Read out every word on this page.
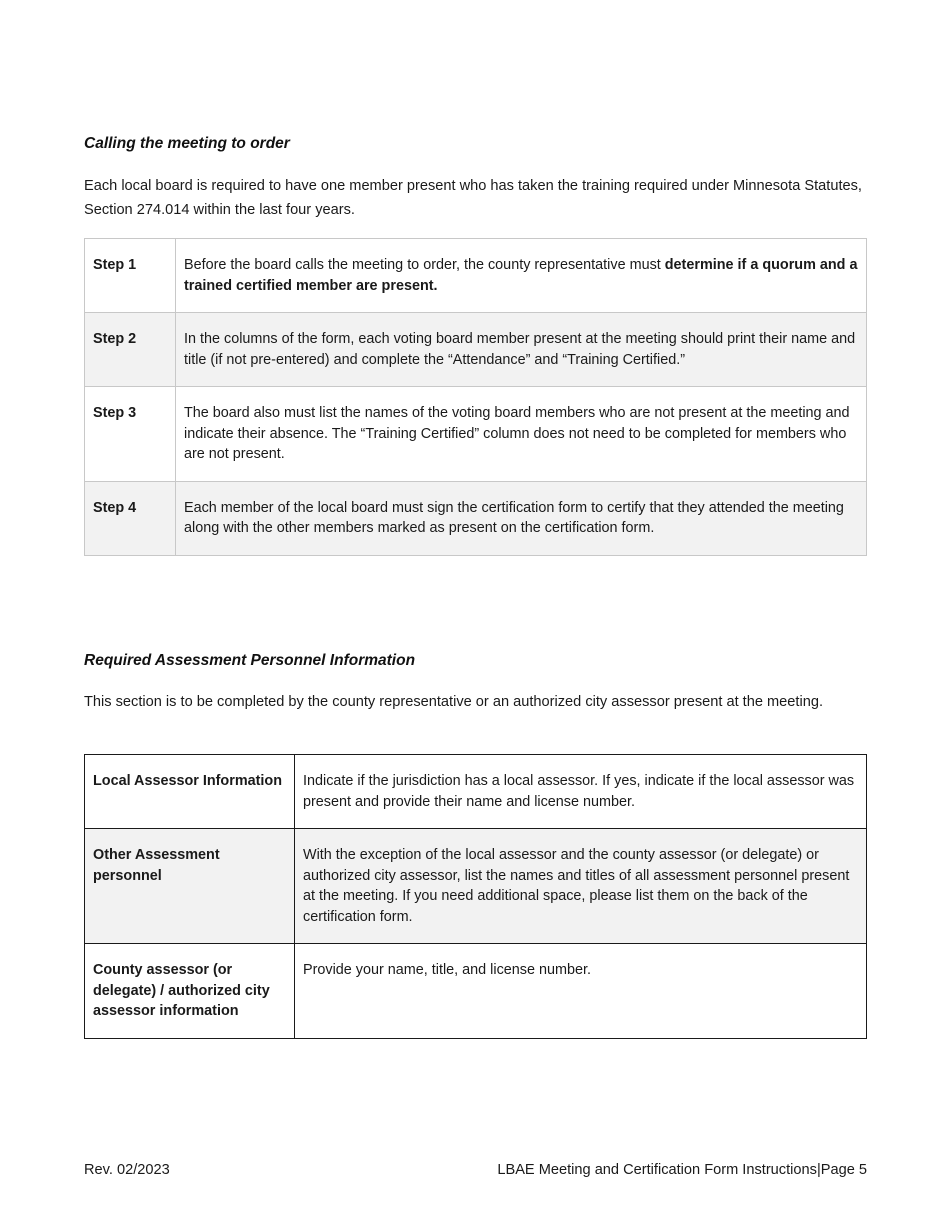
Calling the meeting to order
Each local board is required to have one member present who has taken the training required under Minnesota Statutes, Section 274.014 within the last four years.
Step 1	Before the board calls the meeting to order, the county representative must determine if a quorum and a trained certified member are present.
Step 2	In the columns of the form, each voting board member present at the meeting should print their name and title (if not pre-entered) and complete the “Attendance” and “Training Certified.”
Step 3	The board also must list the names of the voting board members who are not present at the meeting and indicate their absence. The “Training Certified” column does not need to be completed for members who are not present.
Step 4	Each member of the local board must sign the certification form to certify that they attended the meeting along with the other members marked as present on the certification form.
Required Assessment Personnel Information
This section is to be completed by the county representative or an authorized city assessor present at the meeting.
Local Assessor Information	Indicate if the jurisdiction has a local assessor. If yes, indicate if the local assessor was present and provide their name and license number.
Other Assessment personnel	With the exception of the local assessor and the county assessor (or delegate) or authorized city assessor, list the names and titles of all assessment personnel present at the meeting. If you need additional space, please list them on the back of the certification form.
County assessor (or delegate) / authorized city assessor information	Provide your name, title, and license number.
Rev. 02/2023	LBAE Meeting and Certification Form Instructions|Page 5
